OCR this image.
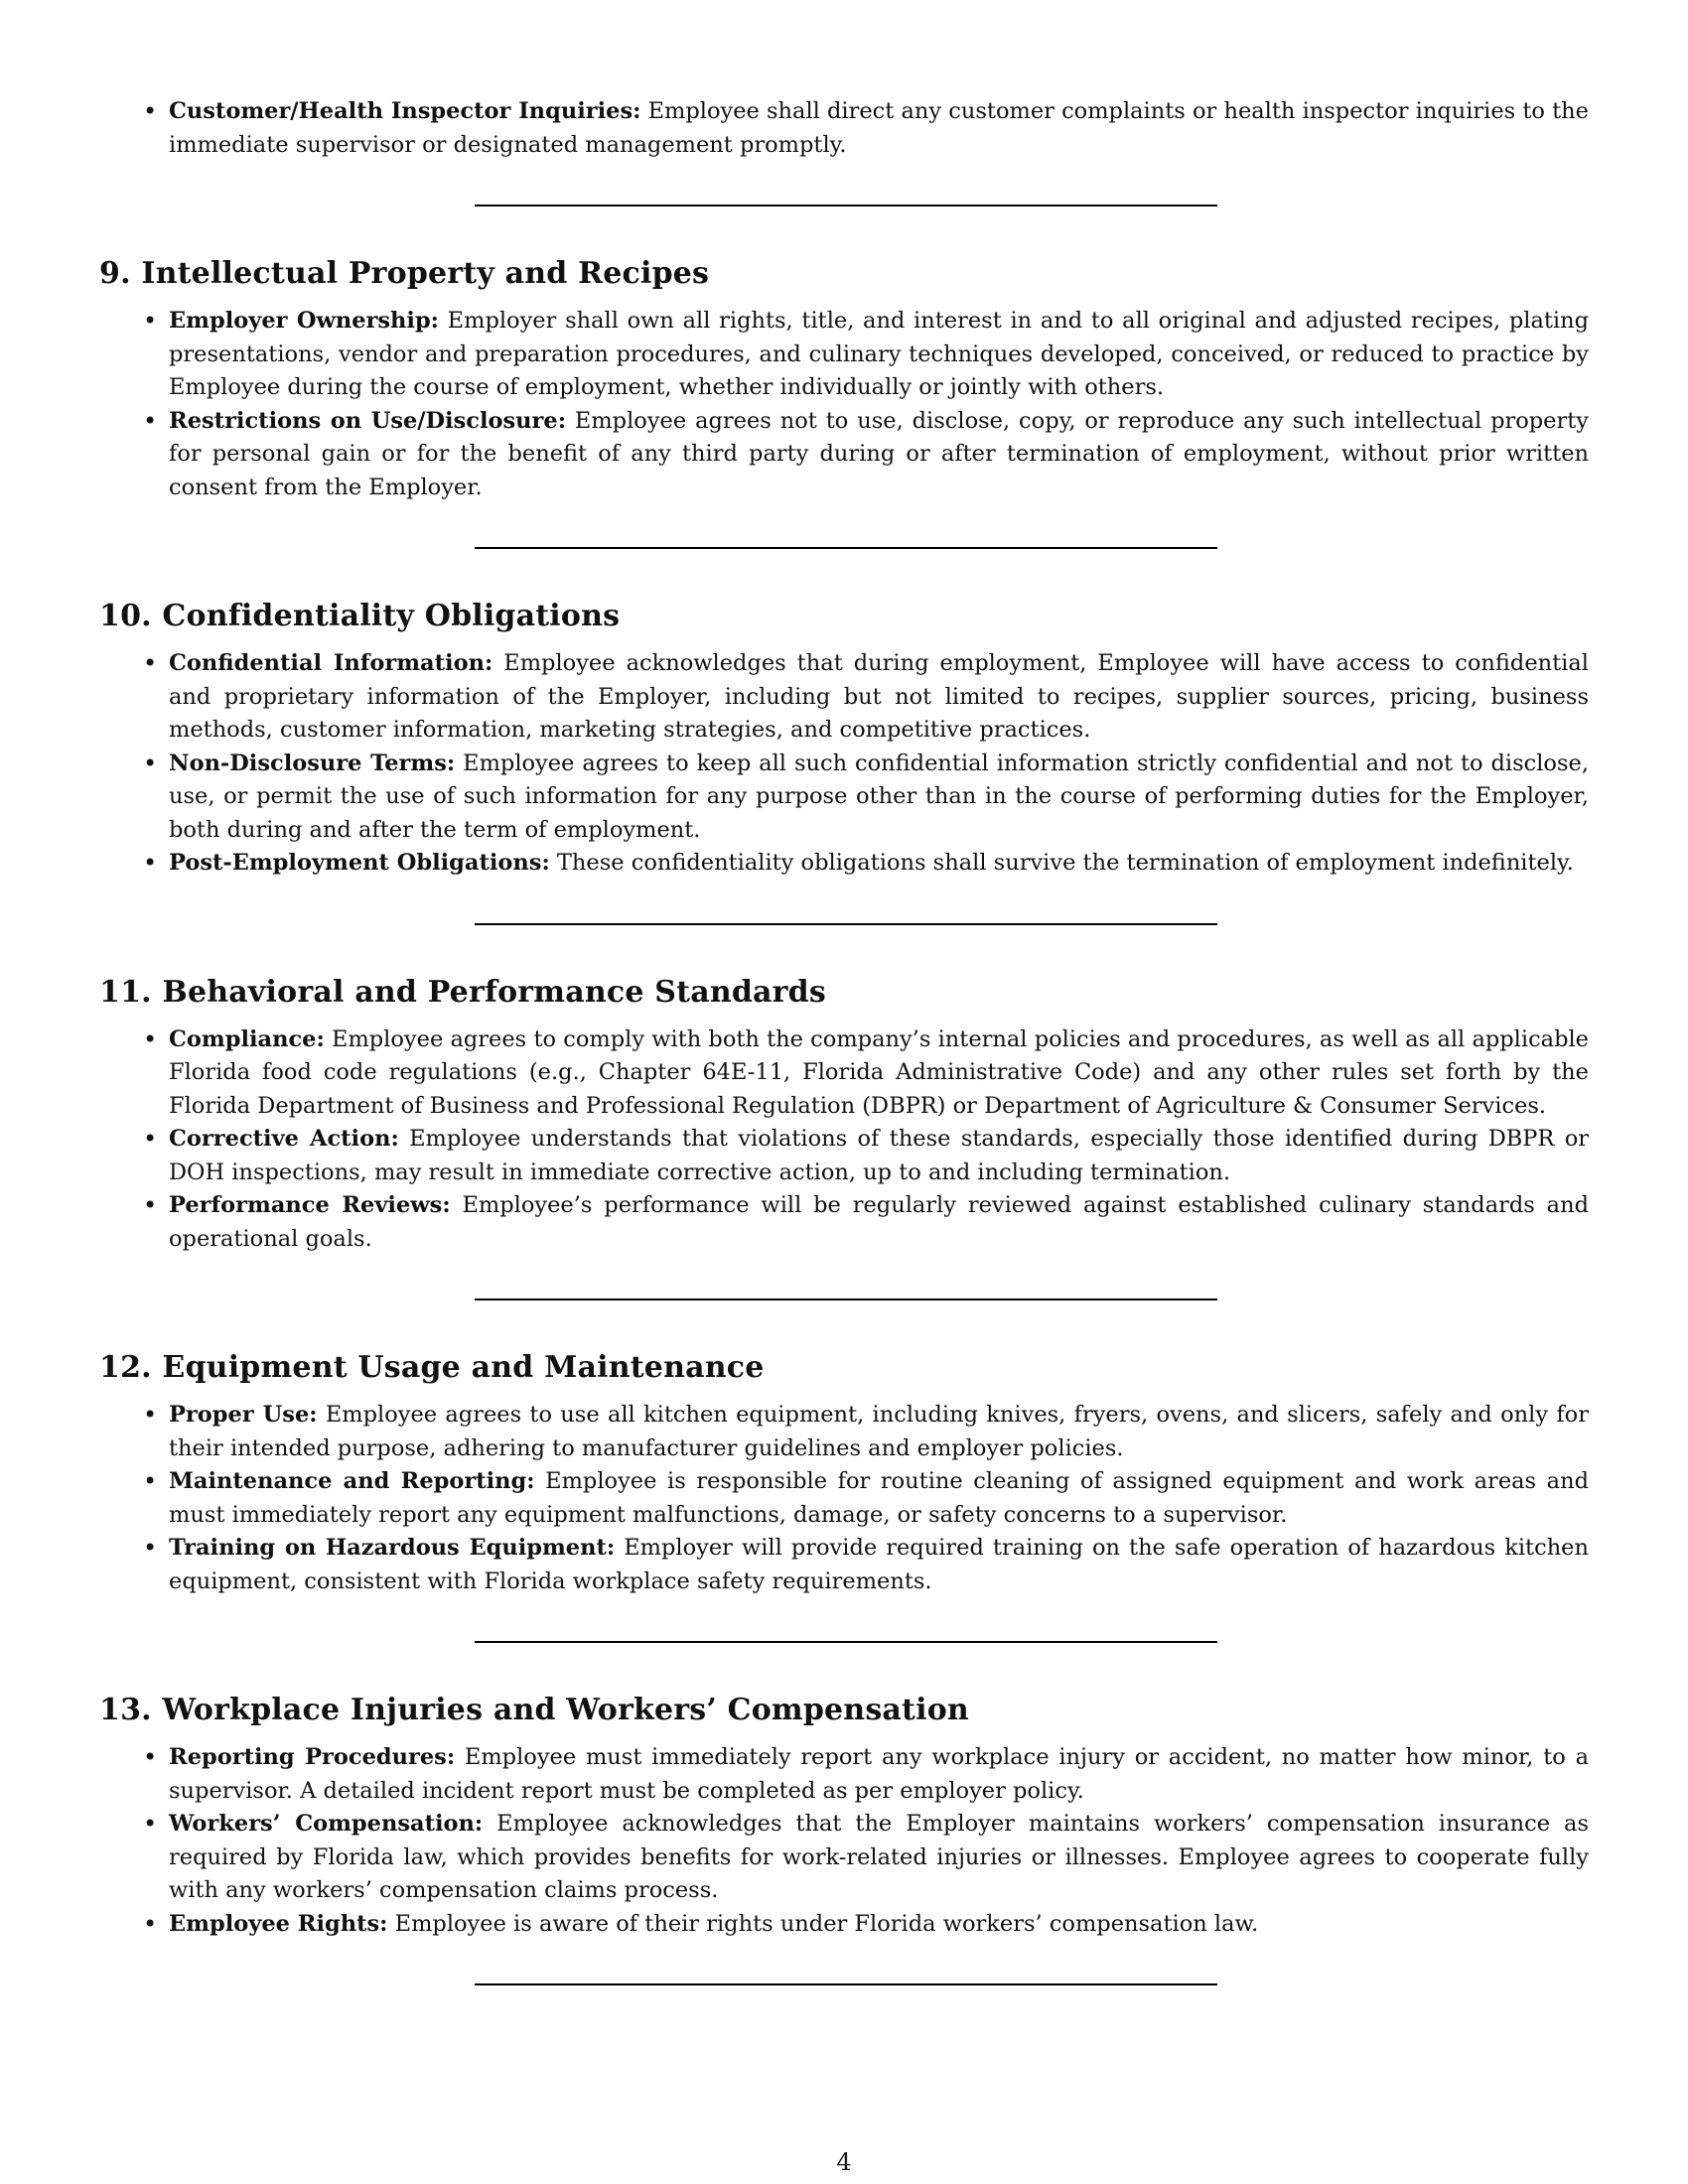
• Customer/Health Inspector Inquiries: Employee shall direct any customer complaints or health inspector inquiries to the immediate supervisor or designated management promptly.
9. Intellectual Property and Recipes
• Employer Ownership: Employer shall own all rights, title, and interest in and to all original and adjusted recipes, plating presentations, vendor and preparation procedures, and culinary techniques developed, conceived, or reduced to practice by Employee during the course of employment, whether individually or jointly with others.
• Restrictions on Use/Disclosure: Employee agrees not to use, disclose, copy, or reproduce any such intellectual property for personal gain or for the benefit of any third party during or after termination of employment, without prior written consent from the Employer.
10. Confidentiality Obligations
• Confidential Information: Employee acknowledges that during employment, Employee will have access to confidential and proprietary information of the Employer, including but not limited to recipes, supplier sources, pricing, business methods, customer information, marketing strategies, and competitive practices.
• Non-Disclosure Terms: Employee agrees to keep all such confidential information strictly confidential and not to disclose, use, or permit the use of such information for any purpose other than in the course of performing duties for the Employer, both during and after the term of employment.
• Post-Employment Obligations: These confidentiality obligations shall survive the termination of employment indefinitely.
11. Behavioral and Performance Standards
• Compliance: Employee agrees to comply with both the company’s internal policies and procedures, as well as all applicable Florida food code regulations (e.g., Chapter 64E-11, Florida Administrative Code) and any other rules set forth by the Florida Department of Business and Professional Regulation (DBPR) or Department of Agriculture & Consumer Services.
• Corrective Action: Employee understands that violations of these standards, especially those identified during DBPR or DOH inspections, may result in immediate corrective action, up to and including termination.
• Performance Reviews: Employee’s performance will be regularly reviewed against established culinary standards and operational goals.
12. Equipment Usage and Maintenance
• Proper Use: Employee agrees to use all kitchen equipment, including knives, fryers, ovens, and slicers, safely and only for their intended purpose, adhering to manufacturer guidelines and employer policies.
• Maintenance and Reporting: Employee is responsible for routine cleaning of assigned equipment and work areas and must immediately report any equipment malfunctions, damage, or safety concerns to a supervisor.
• Training on Hazardous Equipment: Employer will provide required training on the safe operation of hazardous kitchen equipment, consistent with Florida workplace safety requirements.
13. Workplace Injuries and Workers’ Compensation
• Reporting Procedures: Employee must immediately report any workplace injury or accident, no matter how minor, to a supervisor. A detailed incident report must be completed as per employer policy.
• Workers’ Compensation: Employee acknowledges that the Employer maintains workers’ compensation insurance as required by Florida law, which provides benefits for work-related injuries or illnesses. Employee agrees to cooperate fully with any workers’ compensation claims process.
• Employee Rights: Employee is aware of their rights under Florida workers’ compensation law.
4
